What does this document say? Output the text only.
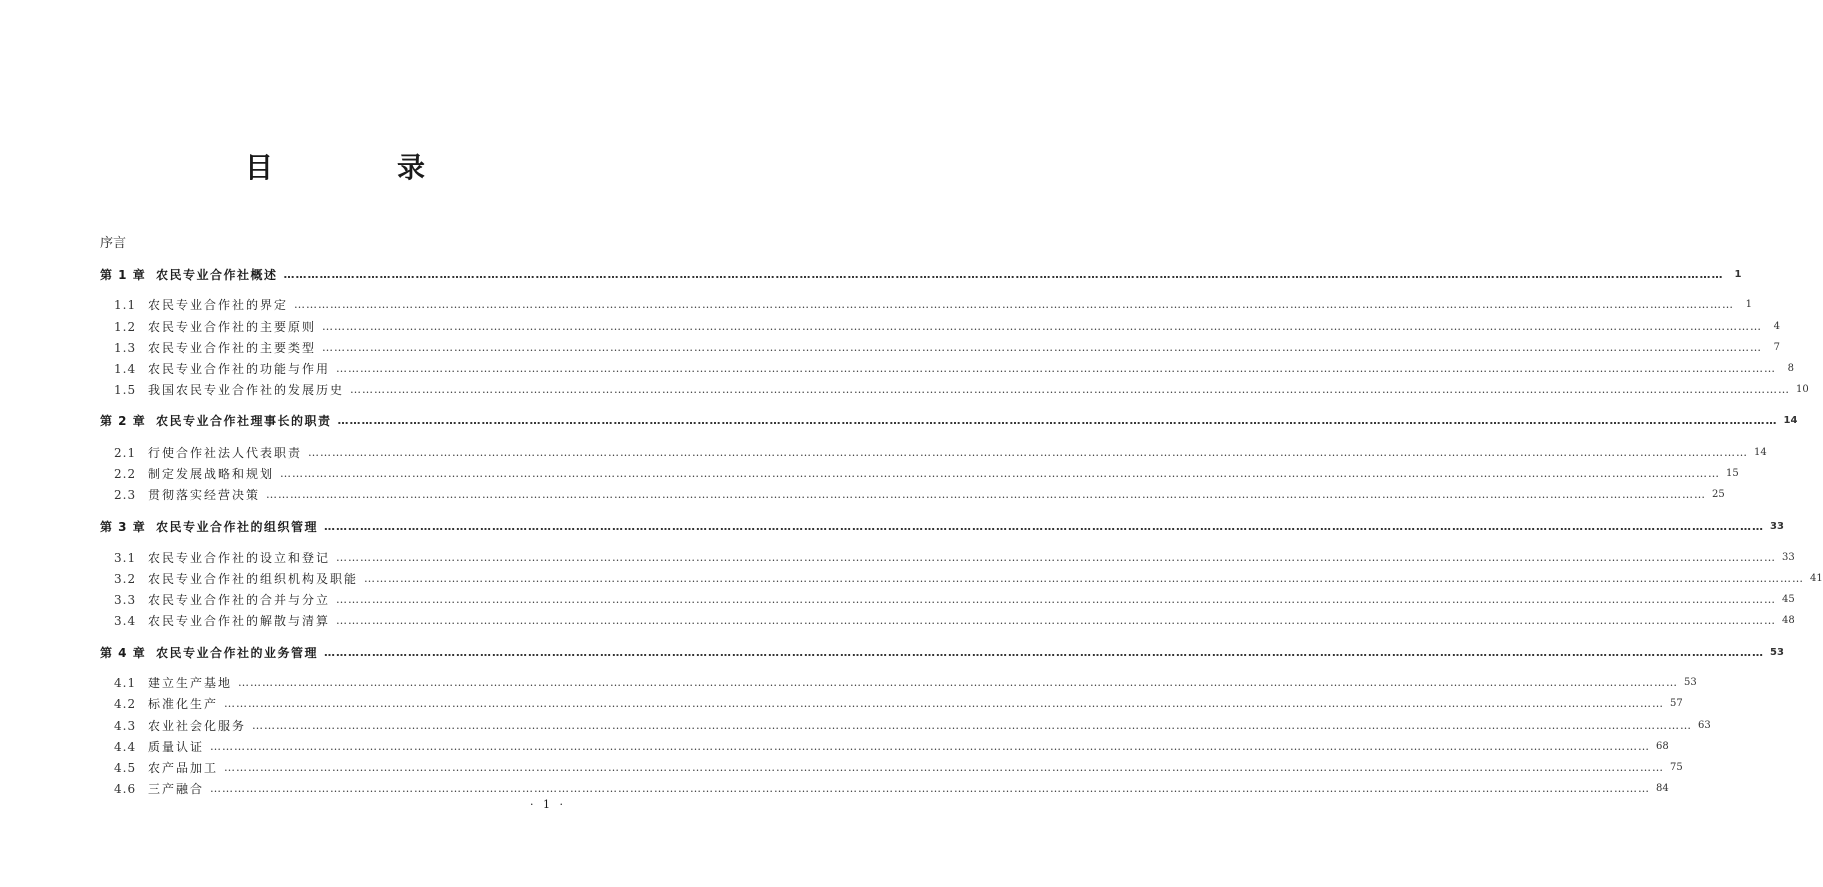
目　录
序言
第 1 章 农民专业合作社概述 ………………………………………………………………………………………………………………………………………………………………………………………………………………………………………………………………………………………………………………………………	1
1.1 农民专业合作社的界定 ………………………………………………………………………………………………………………………………………………………………………………………………………………………………………………………………………………………………………………………………	1
1.2 农民专业合作社的主要原则 ………………………………………………………………………………………………………………………………………………………………………………………………………………………………………………………………………………………………………………………………	4
1.3 农民专业合作社的主要类型 ………………………………………………………………………………………………………………………………………………………………………………………………………………………………………………………………………………………………………………………………	7
1.4 农民专业合作社的功能与作用 ………………………………………………………………………………………………………………………………………………………………………………………………………………………………………………………………………………………………………………………………	8
1.5 我国农民专业合作社的发展历史 ……………………………………………………………………………………………………………………………………………………………………………………………………………………………………………………………………………………………………………………………… 10
第 2 章 农民专业合作社理事长的职责 ……………………………………………………………………………………………………………………………………………………………………………………………………………………………………………………………………………………………………………………………… 14
2.1 行使合作社法人代表职责 ……………………………………………………………………………………………………………………………………………………………………………………………………………………………………………………………………………………………………………………………… 14
2.2 制定发展战略和规划 ……………………………………………………………………………………………………………………………………………………………………………………………………………………………………………………………………………………………………………………………… 15
2.3 贯彻落实经营决策 ……………………………………………………………………………………………………………………………………………………………………………………………………………………………………………………………………………………………………………………………… 25
第 3 章 农民专业合作社的组织管理 ……………………………………………………………………………………………………………………………………………………………………………………………………………………………………………………………………………………………………………………………… 33
3.1 农民专业合作社的设立和登记 ……………………………………………………………………………………………………………………………………………………………………………………………………………………………………………………………………………………………………………………………… 33
3.2 农民专业合作社的组织机构及职能 ……………………………………………………………………………………………………………………………………………………………………………………………………………………………………………………………………………………………………………………………… 41
3.3 农民专业合作社的合并与分立 ……………………………………………………………………………………………………………………………………………………………………………………………………………………………………………………………………………………………………………………………… 45
3.4 农民专业合作社的解散与清算 ……………………………………………………………………………………………………………………………………………………………………………………………………………………………………………………………………………………………………………………………… 48
第 4 章 农民专业合作社的业务管理 ……………………………………………………………………………………………………………………………………………………………………………………………………………………………………………………………………………………………………………………………… 53
4.1 建立生产基地 ……………………………………………………………………………………………………………………………………………………………………………………………………………………………………………………………………………………………………………………………… 53
4.2 标准化生产 ……………………………………………………………………………………………………………………………………………………………………………………………………………………………………………………………………………………………………………………………… 57
4.3 农业社会化服务 ……………………………………………………………………………………………………………………………………………………………………………………………………………………………………………………………………………………………………………………………… 63
4.4 质量认证 ……………………………………………………………………………………………………………………………………………………………………………………………………………………………………………………………………………………………………………………………… 68
4.5 农产品加工 ……………………………………………………………………………………………………………………………………………………………………………………………………………………………………………………………………………………………………………………………… 75
4.6 三产融合 ……………………………………………………………………………………………………………………………………………………………………………………………………………………………………………………………………………………………………………………………… 84
· 1 ·
